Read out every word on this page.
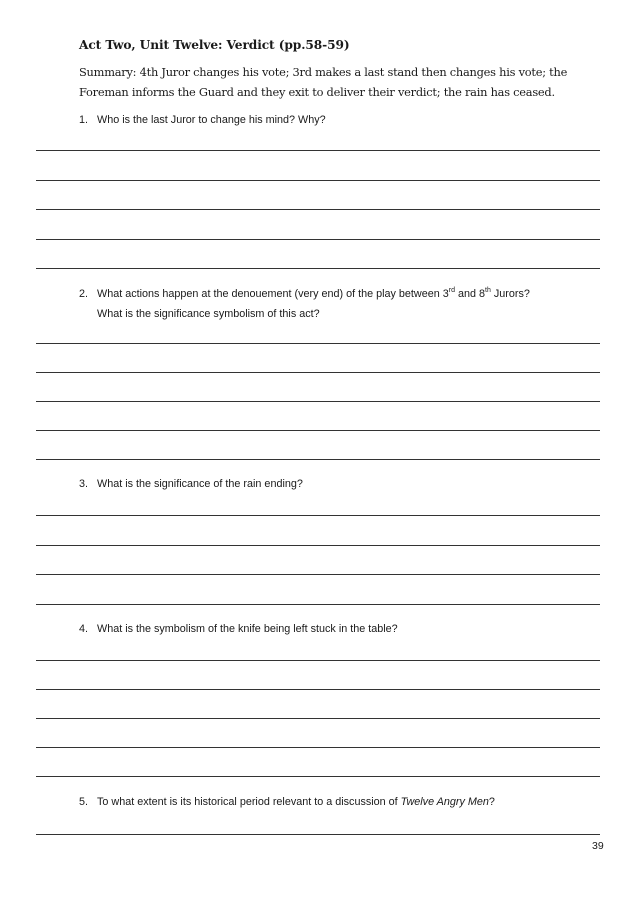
Act Two, Unit Twelve: Verdict (pp.58-59)
Summary: 4th Juror changes his vote; 3rd makes a last stand then changes his vote; the Foreman informs the Guard and they exit to deliver their verdict; the rain has ceased.
1. Who is the last Juror to change his mind? Why?
2. What actions happen at the denouement (very end) of the play between 3rd and 8th Jurors?
What is the significance symbolism of this act?
3. What is the significance of the rain ending?
4. What is the symbolism of the knife being left stuck in the table?
5. To what extent is its historical period relevant to a discussion of Twelve Angry Men?
39
